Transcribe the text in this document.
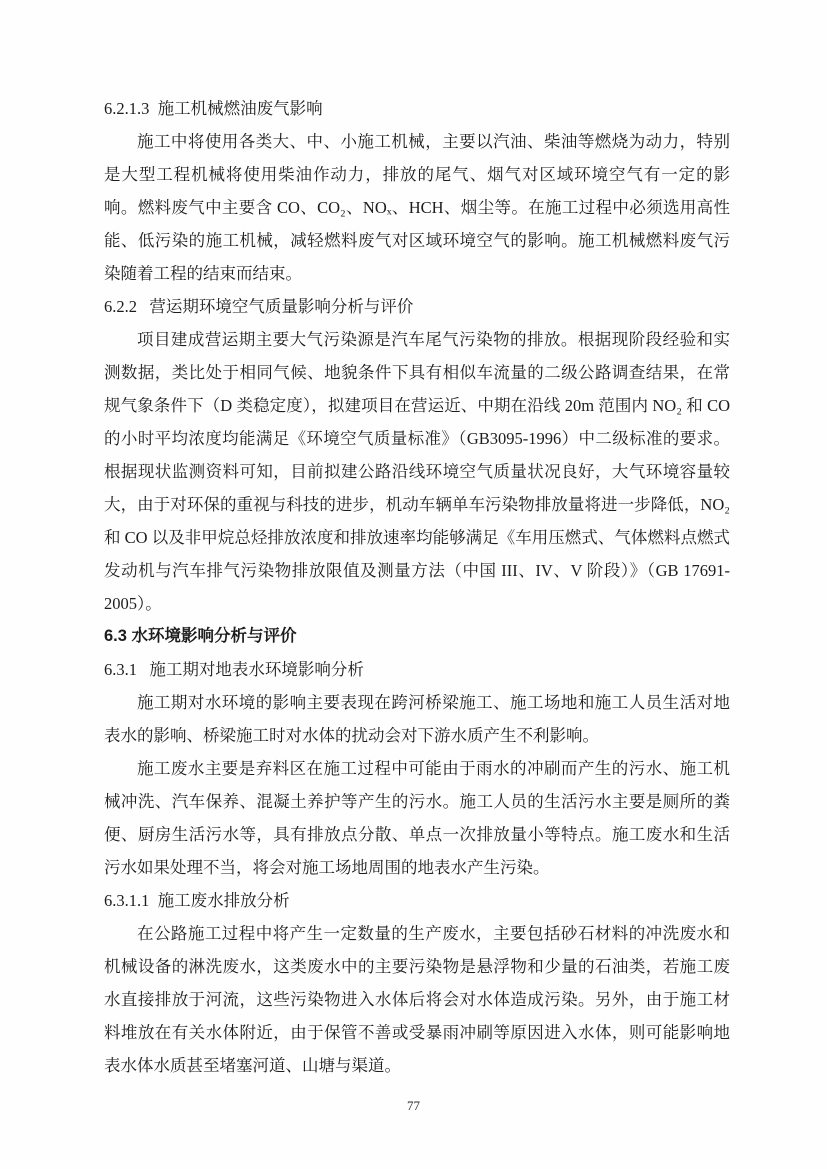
6.2.1.3  施工机械燃油废气影响

施工中将使用各类大、中、小施工机械，主要以汽油、柴油等燃烧为动力，特别是大型工程机械将使用柴油作动力，排放的尾气、烟气对区域环境空气有一定的影响。燃料废气中主要含 CO、CO₂、NOₓ、HCH、烟尘等。在施工过程中必须选用高性能、低污染的施工机械，减轻燃料废气对区域环境空气的影响。施工机械燃料废气污染随着工程的结束而结束。

6.2.2   营运期环境空气质量影响分析与评价

项目建成营运期主要大气污染源是汽车尾气污染物的排放。根据现阶段经验和实测数据，类比处于相同气候、地貌条件下具有相似车流量的二级公路调查结果，在常规气象条件下（D 类稳定度），拟建项目在营运近、中期在沿线 20m 范围内 NO₂ 和 CO 的小时平均浓度均能满足《环境空气质量标准》（GB3095-1996）中二级标准的要求。根据现状监测资料可知，目前拟建公路沿线环境空气质量状况良好，大气环境容量较大，由于对环保的重视与科技的进步，机动车辆单车污染物排放量将进一步降低，NO₂ 和 CO 以及非甲烷总烃排放浓度和排放速率均能够满足《车用压燃式、气体燃料点燃式发动机与汽车排气污染物排放限值及测量方法（中国 III、IV、V 阶段）》（GB 17691-2005）。

6.3 水环境影响分析与评价
6.3.1   施工期对地表水环境影响分析

施工期对水环境的影响主要表现在跨河桥梁施工、施工场地和施工人员生活对地表水的影响、桥梁施工时对水体的扰动会对下游水质产生不利影响。

施工废水主要是弃料区在施工过程中可能由于雨水的冲刷而产生的污水、施工机械冲洗、汽车保养、混凝土养护等产生的污水。施工人员的生活污水主要是厕所的粪便、厨房生活污水等，具有排放点分散、单点一次排放量小等特点。施工废水和生活污水如果处理不当，将会对施工场地周围的地表水产生污染。

6.3.1.1  施工废水排放分析

在公路施工过程中将产生一定数量的生产废水，主要包括砂石材料的冲洗废水和机械设备的淋洗废水，这类废水中的主要污染物是悬浮物和少量的石油类，若施工废水直接排放于河流，这些污染物进入水体后将会对水体造成污染。另外，由于施工材料堆放在有关水体附近，由于保管不善或受暴雨冲刷等原因进入水体，则可能影响地表水体水质甚至堵塞河道、山塘与渠道。

77
